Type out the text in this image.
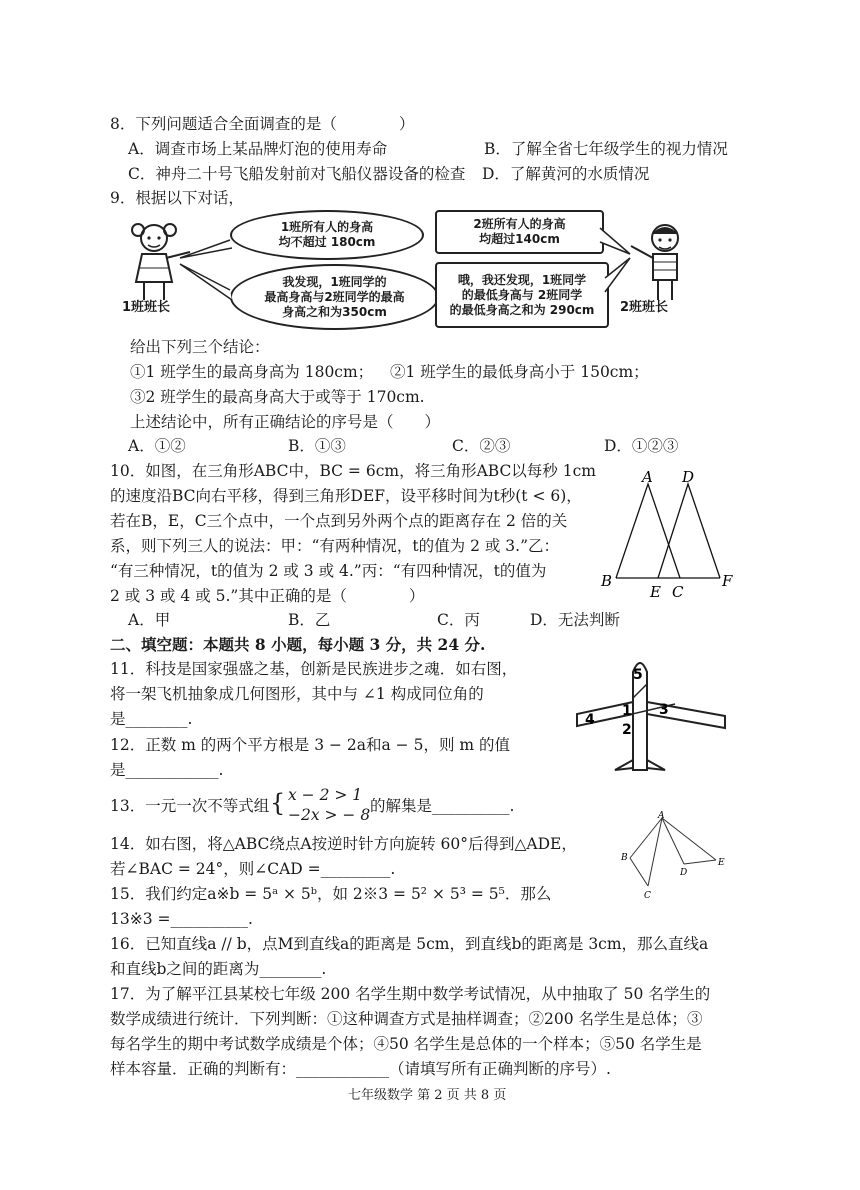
8．下列问题适合全面调查的是（　　　　）
A．调查市场上某品牌灯泡的使用寿命	B．了解全省七年级学生的视力情况
C．神舟二十号飞船发射前对飞船仪器设备的检查 D．了解黄河的水质情况
9．根据以下对话，
1班班长
1班所有人的身高
均不超过 180cm
我发现，1班同学的
最高身高与2班同学的最高
身高之和为350cm
2班所有人的身高
均超过140cm
哦，我还发现，1班同学
的最低身高与 2班同学
的最低身高之和为 290cm	2班班长
给出下列三个结论：
①1 班学生的最高身高为 180cm； ②1 班学生的最低身高小于 150cm；
③2 班学生的最高身高大于或等于 170cm.
上述结论中，所有正确结论的序号是（　　）
A．①②	B．①③	C．②③	D．①②③
10．如图，在三角形ABC中，BC = 6cm，将三角形ABC以每秒 1cm
的速度沿BC向右平移，得到三角形DEF，设平移时间为t秒(t < 6)，
若在B，E，C三个点中，一个点到另外两个点的距离存在 2 倍的关
系，则下列三人的说法：甲：“有两种情况，t的值为 2 或 3.”乙：
“有三种情况，t的值为 2 或 3 或 4.”丙：“有四种情况，t的值为
2 或 3 或 4 或 5.”其中正确的是（　　　　）
A．甲	B．乙	C．丙	D．无法判断
A D
B
E C
F
二、填空题：本题共 8 小题，每小题 3 分，共 24 分.
11．科技是国家强盛之基，创新是民族进步之魂．如右图，
将一架飞机抽象成几何图形，其中与 ∠1 构成同位角的
是________.
5
1
2
3
4
12．正数 m 的两个平方根是 3 − 2a和a − 5，则 m 的值
是____________.
13．一元一次不等式组 { x − 2 > 1
−2x > − 8 的解集是__________.
14．如右图，将△ABC绕点A按逆时针方向旋转 60°后得到△ADE，
若∠BAC = 24°，则∠CAD =_________.
A
B
C
D
E
15．我们约定a※b = 5ᵃ × 5ᵇ，如 2※3 = 5² × 5³ = 5⁵．那么
13※3 =__________.
16．已知直线a // b，点M到直线a的距离是 5cm，到直线b的距离是 3cm，那么直线a
和直线b之间的距离为________.
17．为了解平江县某校七年级 200 名学生期中数学考试情况，从中抽取了 50 名学生的
数学成绩进行统计．下列判断：①这种调查方式是抽样调查；②200 名学生是总体；③
每名学生的期中考试数学成绩是个体；④50 名学生是总体的一个样本；⑤50 名学生是
样本容量．正确的判断有：____________（请填写所有正确判断的序号）.
七年级数学 第 2 页 共 8 页
